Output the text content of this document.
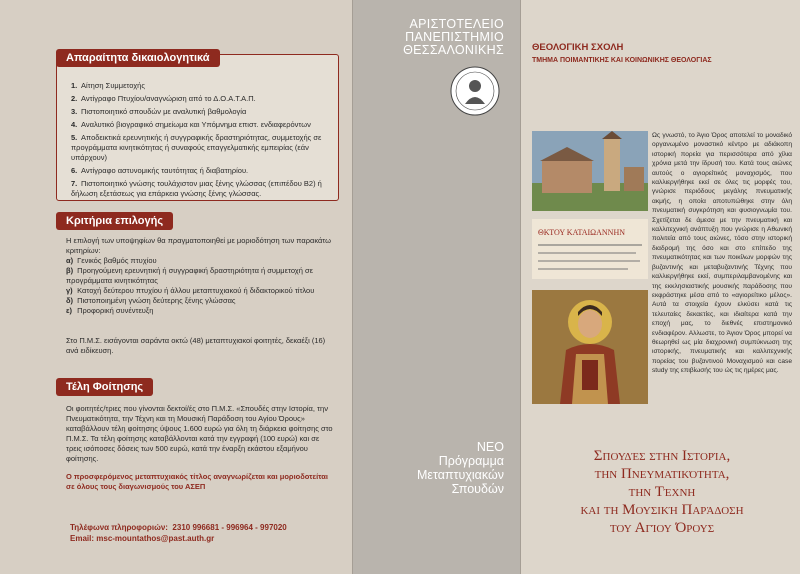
1. Αίτηση Συμμετοχής
2. Αντίγραφο Πτυχίου/αναγνώριση από το Δ.Ο.Α.Τ.Α.Π.
3. Πιστοποιητικό σπουδών με αναλυτική βαθμολογία
4. Αναλυτικό βιογραφικό σημείωμα και Υπόμνημα επιστ. ενδιαφερόντων
5. Αποδεικτικά ερευνητικής ή συγγραφικής δραστηριότητας, συμμετοχής σε προγράμματα κινητικότητας ή συναφούς επαγγελματικής εμπειρίας (εάν υπάρχουν)
6. Αντίγραφο αστυνομικής ταυτότητας ή διαβατηρίου.
7. Πιστοποιητικό γνώσης τουλάχιστον μιας ξένης γλώσσας (επιπέδου Β2) ή δήλωση εξετάσεως για επάρκεια γνώσης ξένης γλώσσας.
Απαραίτητα δικαιολογητικά
Κριτήρια επιλογής
Η επιλογή των υποψηφίων θα πραγματοποιηθεί με μοριοδότηση των παρακάτω κριτηρίων:
α) Γενικός βαθμός πτυχίου
β) Προηγούμενη ερευνητική ή συγγραφική δραστηριότητα ή συμμετοχή σε προγράμματα κινητικότητας
γ) Κατοχή δεύτερου πτυχίου ή άλλου μεταπτυχιακού ή διδακτορικού τίτλου
δ) Πιστοποιημένη γνώση δεύτερης ξένης γλώσσας
ε) Προφορική συνέντευξη
Στο Π.Μ.Σ. εισάγονται σαράντα οκτώ (48) μεταπτυχιακοί φοιτητές, δεκαέξι (16) ανά ειδίκευση.
Τέλη Φοίτησης
Οι φοιτητές/τριες που γίνονται δεκτοί/ές στο Π.Μ.Σ. «Σπουδές στην Ιστορία, την Πνευματικότητα, την Τέχνη και τη Μουσική Παράδοση του Αγίου Όρους» καταβάλλουν τέλη φοίτησης ύψους 1.600 ευρώ για όλη τη διάρκεια φοίτησης στο Π.Μ.Σ. Τα τέλη φοίτησης καταβάλλονται κατά την εγγραφή (100 ευρώ) και σε τρεις ισόποσες δόσεις των 500 ευρώ, κατά την έναρξη εκάστου εξαμήνου φοίτησης.
Ο προσφερόμενος μεταπτυχιακός τίτλος αναγνωρίζεται και μοριοδοτείται σε όλους τους διαγωνισμούς του ΑΣΕΠ
Τηλέφωνα πληροφοριών: 2310 996681 - 996964 - 997020
Email: msc-mountathos@past.auth.gr
ΑΡΙΣΤΟΤΕΛΕΙΟ
ΠΑΝΕΠΙΣΤΗΜΙΟ
ΘΕΣΣΑΛΟΝΙΚΗΣ
ΝΕΟ
Πρόγραμμα
Μεταπτυχιακών
Σπουδών
ΘΕΟΛΟΓΙΚΗ ΣΧΟΛΗ
ΤΜΗΜΑ ΠΟΙΜΑΝΤΙΚΗΣ ΚΑΙ ΚΟΙΝΩΝΙΚΗΣ ΘΕΟΛΟΓΙΑΣ
ΘΚΤΟΥ ΚΑΤΑΙΩΑΝΝΗΝ
Ως γνωστό, το Άγιο Όρος αποτελεί το μοναδικό οργανωμένο μοναστικό κέντρο με αδιάκοπη ιστορική πορεία για περισσότερα από χίλια χρόνια μετά την ίδρυσή του. Κατά τους αιώνες αυτούς ο αγιορείτικός μοναχισμός, που καλλιεργήθηκε εκεί σε όλες τις μορφές του, γνώρισε περιόδους μεγάλης πνευματικής ακμής, η οποία αποτυπώθηκε στην όλη πνευματική συγκρότηση και φυσιογνωμία του. Σχετίζεται δε άμεσα με την πνευματική και καλλιτεχνική ανάπτυξη που γνώρισε η Αθωνική πολιτεία από τους αιώνες, τόσο στην ιστορική διαδρομή της όσο και στο επίπεδο της πνευματικότητας και των ποικίλων μορφών της βυζαντινής και μεταβυζαντινής Τέχνης που καλλιεργήθηκε εκεί, συμπεριλαμβανομένης και της εκκλησιαστικής μουσικής παράδοσης που εκφράστηκε μέσα από το «αγιορείτικο μέλος». Αυτά τα στοιχεία έχουν ελκύσει κατά τις τελευταίες δεκαετίες, και ιδιαίτερα κατά την εποχή μας, το διεθνές επιστημονικό ενδιαφέρον. Αλλωστε, το Άγιον Όρος μπορεί να θεωρηθεί ως μία διαχρονική συμπύκνωση της ιστορικής, πνευματικής και καλλιτεχνικής πορείας του βυζαντινού Μοναχισμού και case study της επιβίωσής του ώς τις ημέρες μας.
Σπουδές στην Ιστορία,
την Πνευματικότητα,
την Τέχνη
και τη Μουσική Παράδοση
του Αγίου Όρους
